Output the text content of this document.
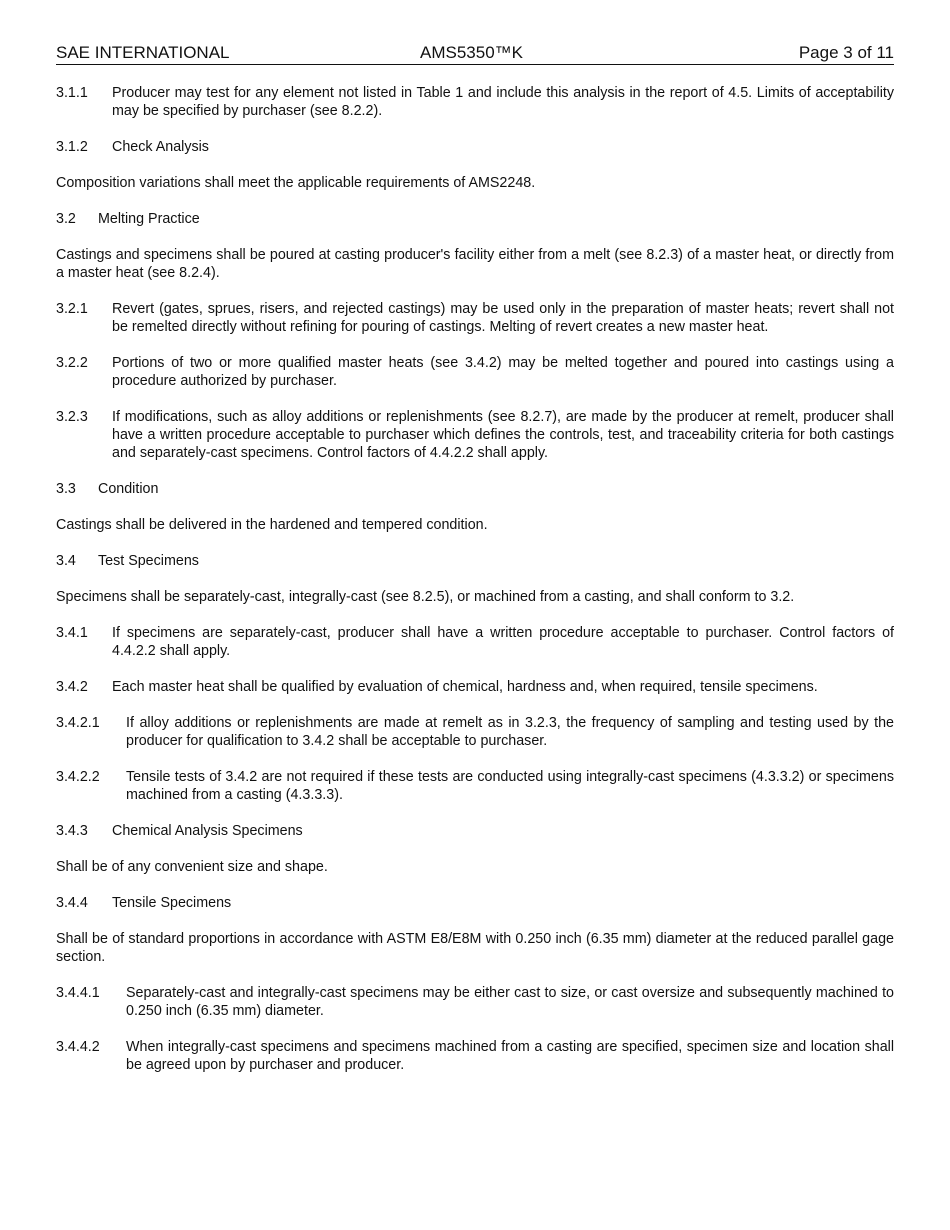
SAE INTERNATIONAL	AMS5350™K	Page 3 of 11
3.1.1	Producer may test for any element not listed in Table 1 and include this analysis in the report of 4.5. Limits of acceptability may be specified by purchaser (see 8.2.2).
3.1.2	Check Analysis

Composition variations shall meet the applicable requirements of AMS2248.

3.2	Melting Practice

Castings and specimens shall be poured at casting producer's facility either from a melt (see 8.2.3) of a master heat, or directly from a master heat (see 8.2.4).

3.2.1	Revert (gates, sprues, risers, and rejected castings) may be used only in the preparation of master heats; revert shall not be remelted directly without refining for pouring of castings. Melting of revert creates a new master heat.
3.2.2	Portions of two or more qualified master heats (see 3.4.2) may be melted together and poured into castings using a procedure authorized by purchaser.
3.2.3	If modifications, such as alloy additions or replenishments (see 8.2.7), are made by the producer at remelt, producer shall have a written procedure acceptable to purchaser which defines the controls, test, and traceability criteria for both castings and separately-cast specimens. Control factors of 4.4.2.2 shall apply.
3.3	Condition

Castings shall be delivered in the hardened and tempered condition.

3.4	Test Specimens

Specimens shall be separately-cast, integrally-cast (see 8.2.5), or machined from a casting, and shall conform to 3.2.

3.4.1	If specimens are separately-cast, producer shall have a written procedure acceptable to purchaser. Control factors of 4.4.2.2 shall apply.
3.4.2	Each master heat shall be qualified by evaluation of chemical, hardness and, when required, tensile specimens.
3.4.2.1	If alloy additions or replenishments are made at remelt as in 3.2.3, the frequency of sampling and testing used by the producer for qualification to 3.4.2 shall be acceptable to purchaser.
3.4.2.2	Tensile tests of 3.4.2 are not required if these tests are conducted using integrally-cast specimens (4.3.3.2) or specimens machined from a casting (4.3.3.3).
3.4.3	Chemical Analysis Specimens

Shall be of any convenient size and shape.

3.4.4	Tensile Specimens

Shall be of standard proportions in accordance with ASTM E8/E8M with 0.250 inch (6.35 mm) diameter at the reduced parallel gage section.

3.4.4.1	Separately-cast and integrally-cast specimens may be either cast to size, or cast oversize and subsequently machined to 0.250 inch (6.35 mm) diameter.
3.4.4.2	When integrally-cast specimens and specimens machined from a casting are specified, specimen size and location shall be agreed upon by purchaser and producer.
